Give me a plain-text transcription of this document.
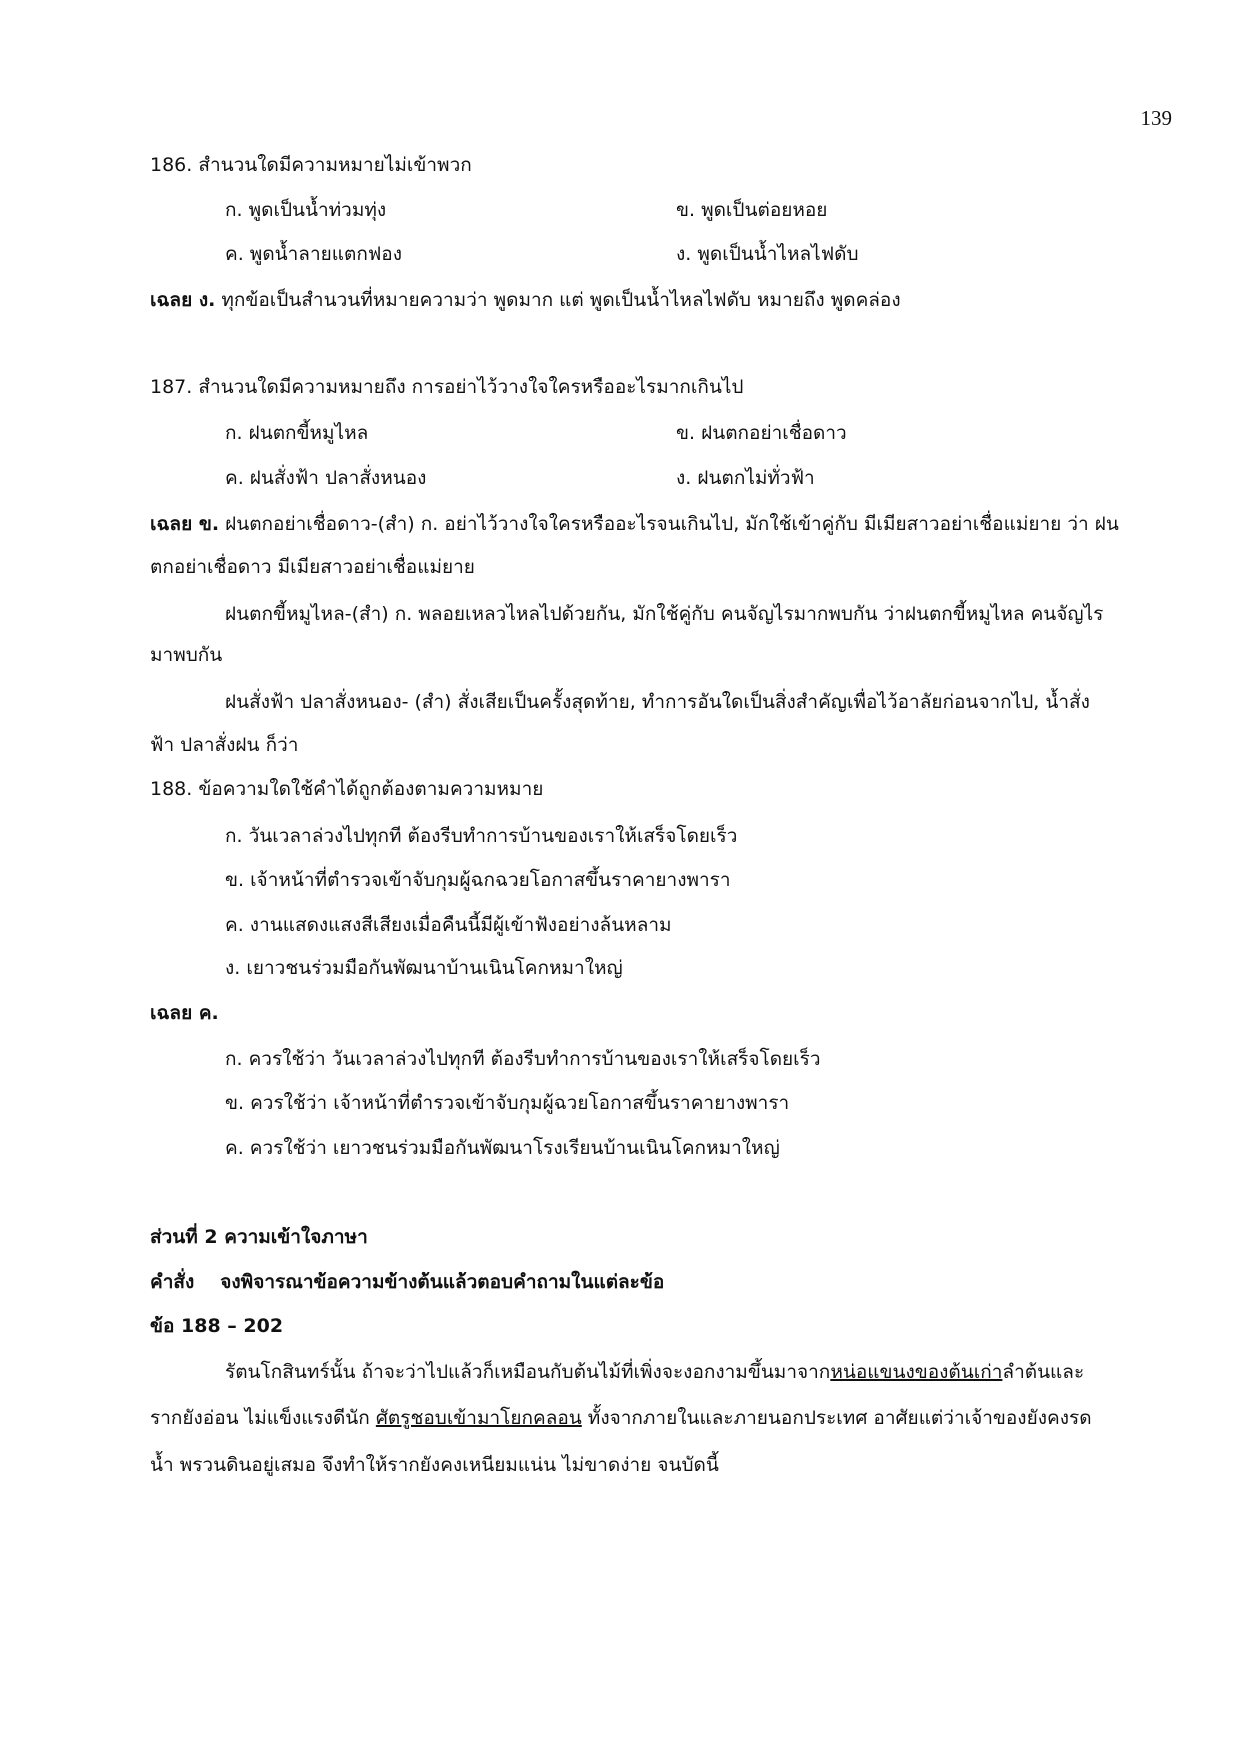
139
186. สำนวนใดมีความหมายไม่เข้าพวก
ก. พูดเป็นน้ำท่วมทุ่ง	ข. พูดเป็นต่อยหอย
ค. พูดน้ำลายแตกฟอง	ง. พูดเป็นน้ำไหลไฟดับ
เฉลย ง. ทุกข้อเป็นสำนวนที่หมายความว่า พูดมาก แต่ พูดเป็นน้ำไหลไฟดับ หมายถึง พูดคล่อง
187. สำนวนใดมีความหมายถึง การอย่าไว้วางใจใครหรืออะไรมากเกินไป
ก. ฝนตกขี้หมูไหล	ข. ฝนตกอย่าเชื่อดาว
ค. ฝนสั่งฟ้า ปลาสั่งหนอง	ง. ฝนตกไม่ทั่วฟ้า
เฉลย ข. ฝนตกอย่าเชื่อดาว-(สำ) ก. อย่าไว้วางใจใครหรืออะไรจนเกินไป, มักใช้เข้าคู่กับ มีเมียสาวอย่าเชื่อแม่ยาย ว่า ฝน
ตกอย่าเชื่อดาว มีเมียสาวอย่าเชื่อแม่ยาย
ฝนตกขี้หมูไหล-(สำ) ก. พลอยเหลวไหลไปด้วยกัน, มักใช้คู่กับ คนจัญไรมากพบกัน ว่าฝนตกขี้หมูไหล คนจัญไร
มาพบกัน
ฝนสั่งฟ้า ปลาสั่งหนอง- (สำ) สั่งเสียเป็นครั้งสุดท้าย, ทำการอันใดเป็นสิ่งสำคัญเพื่อไว้อาลัยก่อนจากไป, น้ำสั่ง
ฟ้า ปลาสั่งฝน ก็ว่า
188. ข้อความใดใช้คำได้ถูกต้องตามความหมาย
ก. วันเวลาล่วงไปทุกที ต้องรีบทำการบ้านของเราให้เสร็จโดยเร็ว
ข. เจ้าหน้าที่ตำรวจเข้าจับกุมผู้ฉกฉวยโอกาสขึ้นราคายางพารา
ค. งานแสดงแสงสีเสียงเมื่อคืนนี้มีผู้เข้าฟังอย่างล้นหลาม
ง. เยาวชนร่วมมือกันพัฒนาบ้านเนินโคกหมาใหญ่
เฉลย ค.
ก. ควรใช้ว่า วันเวลาล่วงไปทุกที ต้องรีบทำการบ้านของเราให้เสร็จโดยเร็ว
ข. ควรใช้ว่า เจ้าหน้าที่ตำรวจเข้าจับกุมผู้ฉวยโอกาสขึ้นราคายางพารา
ค. ควรใช้ว่า เยาวชนร่วมมือกันพัฒนาโรงเรียนบ้านเนินโคกหมาใหญ่
ส่วนที่ 2 ความเข้าใจภาษา
คำสั่ง จงพิจารณาข้อความข้างต้นแล้วตอบคำถามในแต่ละข้อ
ข้อ 188 – 202
รัตนโกสินทร์นั้น ถ้าจะว่าไปแล้วก็เหมือนกับต้นไม้ที่เพิ่งจะงอกงามขึ้นมาจากหน่อแขนงของต้นเก่าลำต้นและ
รากยังอ่อน ไม่แข็งแรงดีนัก ศัตรูชอบเข้ามาโยกคลอน ทั้งจากภายในและภายนอกประเทศ อาศัยแต่ว่าเจ้าของยังคงรด
น้ำ พรวนดินอยู่เสมอ จึงทำให้รากยังคงเหนียมแน่น ไม่ขาดง่าย จนบัดนี้
